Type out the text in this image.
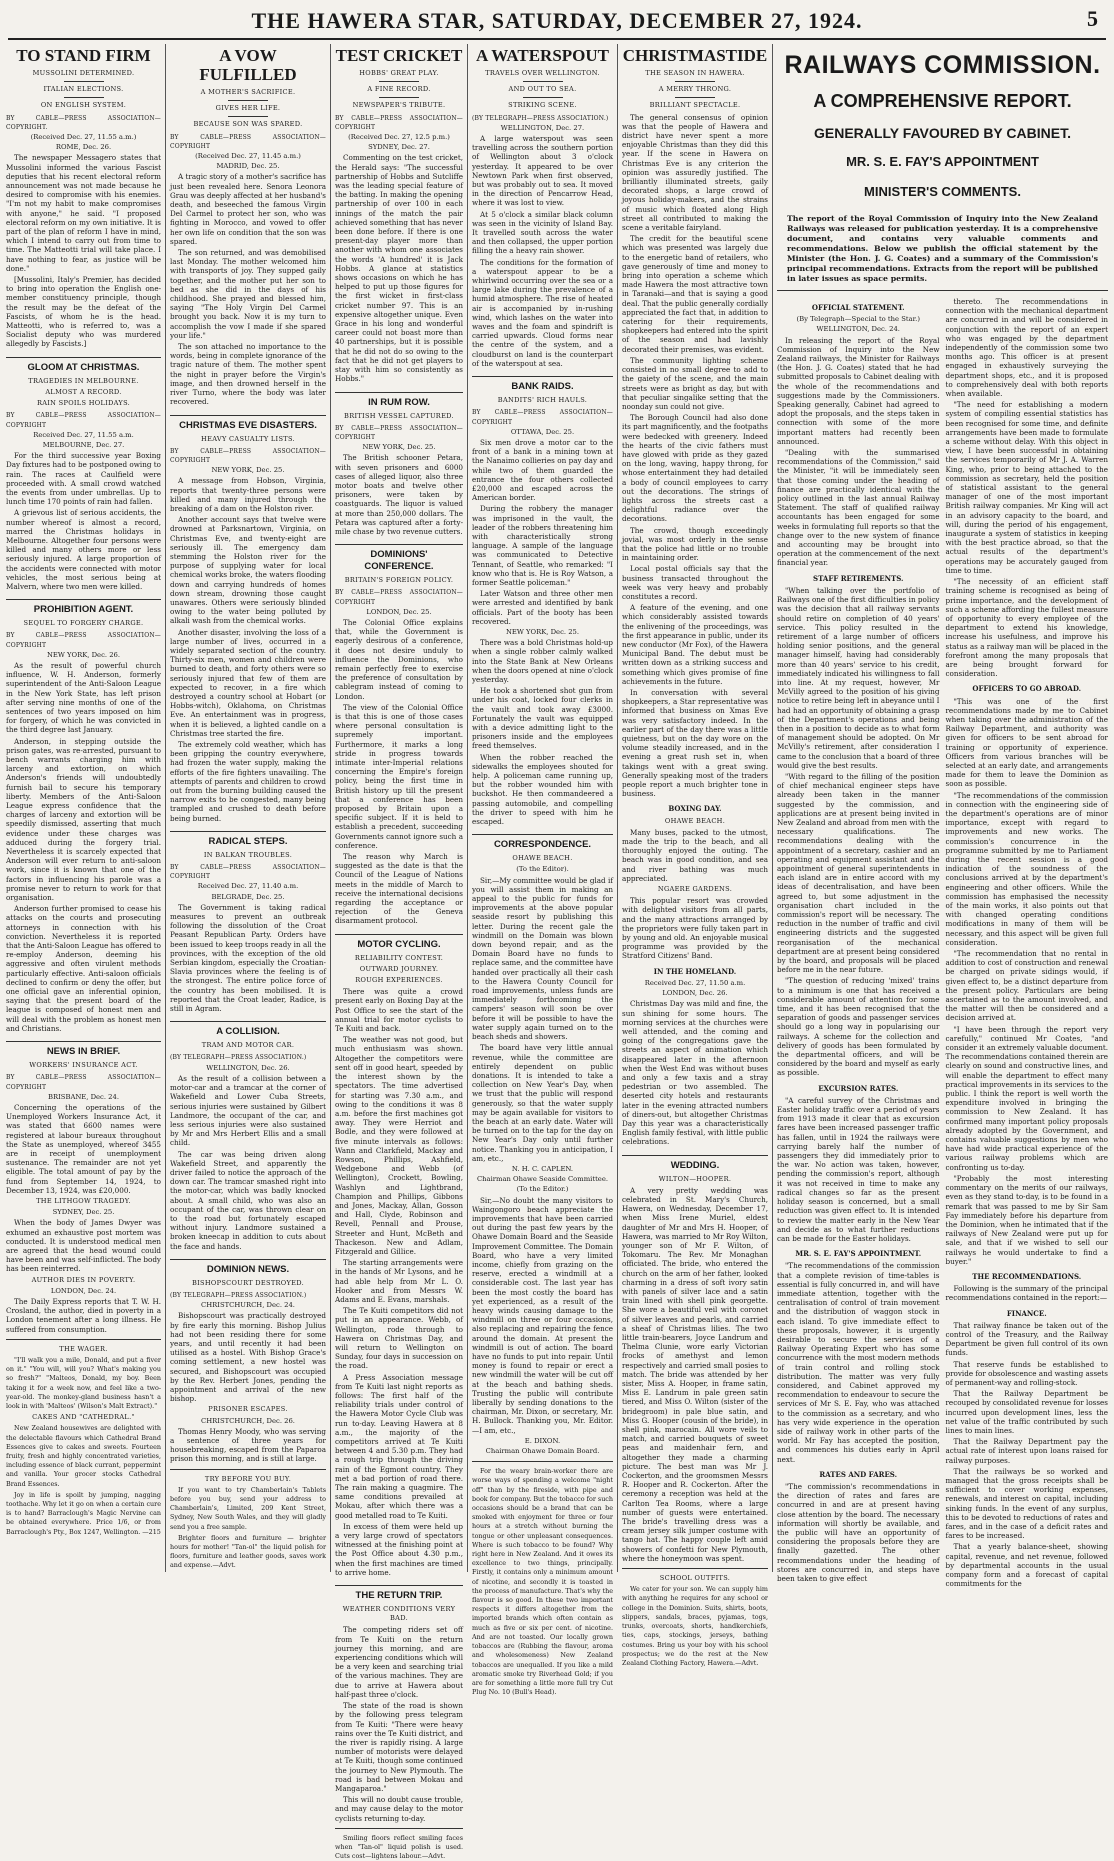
THE HAWERA STAR, SATURDAY, DECEMBER 27, 1924.	5
TO STAND FIRM
MUSSOLINI DETERMINED.
ITALIAN ELECTIONS.
ON ENGLISH SYSTEM.
BY CABLE—PRESS ASSOCIATION—COPYRIGHT.
(Received Dec. 27, 11.55 a.m.)
ROME, Dec. 26.

The newspaper Messagero states that Mussolini informed the various Fascist deputies that his recent electoral reform announcement was not made because he desired to compromise with his enemies. "I'm not my habit to make compromises with anyone," he said. "I proposed electoral reform on my own initiative. It is part of the plan of reform I have in mind, which I intend to carry out from time to time. The Matteotti trial will take place. I have nothing to fear, as justice will be done."

[Mussolini, Italy's Premier, has decided to bring into operation the English one-member constituency principle, though the result may be the defeat of the Fascists, of whom he is the head. Matteotti, who is referred to, was a Socialist deputy who was murdered allegedly by Fascists.]

GLOOM AT CHRISTMAS.
TRAGEDIES IN MELBOURNE.
ALMOST A RECORD.
RAIN SPOILS HOLIDAYS.
BY CABLE—PRESS ASSOCIATION—COPYRIGHT
Received Dec. 27, 11.55 a.m.
MELBOURNE, Dec. 27.

For the third successive year Boxing Day fixtures had to be postponed owing to rain. The races at Caulfield were proceeded with. A small crowd watched the events from under umbrellas. Up to lunch time 170 points of rain had fallen.

A grievous list of serious accidents, the number whereof is almost a record, marred the Christmas holidays in Melbourne. Altogether four persons were killed and many others more or less seriously injured. A large proportion of the accidents were connected with motor vehicles, the most serious being at Malvern, where two men were killed.

PROHIBITION AGENT.
SEQUEL TO FORGERY CHARGE.
BY CABLE—PRESS ASSOCIATION—COPYRIGHT
NEW YORK, Dec. 26.

As the result of powerful church influence, W. H. Anderson, formerly superintendent of the Anti-Saloon League in the New York State, has left prison after serving nine months of one of the sentences of two years imposed on him for forgery, of which he was convicted in the third degree last January.

Anderson, in stepping outside the prison gates, was re-arrested, pursuant to bench warrants charging him with larceny and extortion, on which Anderson's friends will undoubtedly furnish bail to secure his temporary liberty. Members of the Anti-Saloon League express confidence that the charges of larceny and extortion will be speedily dismissed, asserting that much evidence under these charges was adduced during the forgery trial. Nevertheless it is scarcely expected that Anderson will ever return to anti-saloon work, since it is known that one of the factors in influencing his parole was a promise never to return to work for that organisation.

Anderson further promised to cease his attacks on the courts and prosecuting attorneys in connection with his conviction. Nevertheless it is reported that the Anti-Saloon League has offered to re-employ Anderson, deeming his aggressive and often virulent methods particularly effective. Anti-saloon officials declined to confirm or deny the offer, but one official gave an inferential opinion, saying that the present board of the league is composed of honest men and will deal with the problem as honest men and Christians.

NEWS IN BRIEF.
WORKERS' INSURANCE ACT.
BY CABLE—PRESS ASSOCIATION—COPYRIGHT
BRISBANE, Dec. 24.

Concerning the operations of the Unemployed Workers Insurance Act, it was stated that 6600 names were registered at labour bureaux throughout the State as unemployed, whereof 3455 are in receipt of unemployment sustenance. The remainder are not yet eligible. The total amount of pay by the fund from September 14, 1924, to December 13, 1924, was £20,000.

THE LITHGOW TRAGEDY.
SYDNEY, Dec. 25.

When the body of James Dwyer was exhumed an exhaustive post mortem was conducted. It is understood medical men are agreed that the head wound could have been and was self-inflicted. The body has been reinterred.

AUTHOR DIES IN POVERTY.
LONDON, Dec. 24.

The Daily Express reports that T. W. H. Crosland, the author, died in poverty in a London tenement after a long illness. He suffered from consumption.

THE WAGER.

"I'll walk you a mile, Donald, and put a fiver on it." "You will, will you? What's making you so fresh?" "Malteos, Donald, my boy. Been taking it for a week now, and feel like a two-year-old. The monkey-gland business hasn't a look in with 'Malteos' (Wilson's Malt Extract)."

CAKES AND "CATHEDRAL."

New Zealand housewives are delighted with the delectable flavours which Cathedral Brand Essences give to cakes and sweets. Fourteen fruity, fresh and highly concentrated varieties, including essence of black currant, peppermint and vanilla. Your grocer stocks Cathedral Brand Essences.

Joy in life is spoilt by jumping, nagging toothache. Why let it go on when a certain cure is to hand? Barraclough's Magic Nervine can be obtained everywhere. Price 1/6, or from Barraclough's Pty., Box 1247, Wellington. —215

A VOW FULFILLED
A MOTHER'S SACRIFICE.
GIVES HER LIFE.
BECAUSE SON WAS SPARED.
BY CABLE—PRESS ASSOCIATION—COPYRIGHT
(Received Dec. 27, 11.45 a.m.)
MADRID, Dec. 25.

A tragic story of a mother's sacrifice has just been revealed here. Senora Leonora Grau was deeply affected at her husband's death, and beseeched the famous Virgin Del Carmel to protect her son, who was fighting in Morocco, and vowed to offer her own life on condition that the son was spared.

The son returned, and was demobilised last Monday. The mother welcomed him with transports of joy. They supped gaily together, and the mother put her son to bed as she did in the days of his childhood. She prayed and blessed him, saying "The Holy Virgin Del Carmel brought you back. Now it is my turn to accomplish the vow I made if she spared your life."

The son attached no importance to the words, being in complete ignorance of the tragic nature of them. The mother spent the night in prayer before the Virgin's image, and then drowned herself in the river Turno, where the body was later recovered.

CHRISTMAS EVE DISASTERS.
HEAVY CASUALTY LISTS.
BY CABLE—PRESS ASSOCIATION—COPYRIGHT
NEW YORK, Dec. 25.

A message from Hobson, Virginia, reports that twenty-three persons were killed and many injured through the breaking of a dam on the Holston river.

Another account says that twelve were drowned at Parksnartown, Virginia, on Christmas Eve, and twenty-eight are seriously ill. The emergency dam stemming the Holston river for the purpose of supplying water for local chemical works broke, the waters flooding down and carrying hundreds of homes down stream, drowning those caught unawares. Others were seriously blinded owing to the water being polluted by alkali wash from the chemical works.

Another disaster, involving the loss of a large number of lives, occurred in a widely separated section of the country. Thirty-six men, women and children were burned to death, and forty others were so seriously injured that few of them are expected to recover, in a fire which destroyed a country school at Hobart (or Hobbs-witch), Oklahoma, on Christmas Eve. An entertainment was in progress, when it is believed, a lighted candle on a Christmas tree started the fire.

The extremely cold weather, which has been gripping the country everywhere, had frozen the water supply, making the efforts of the fire fighters unavailing. The attempts of parents and children to crowd out from the burning building caused the narrow exits to be congested, many being trampled and crushed to death before being burned.

RADICAL STEPS.
IN BALKAN TROUBLES.
BY CABLE—PRESS ASSOCIATION—COPYRIGHT
Received Dec. 27, 11.40 a.m.
BELGRADE, Dec. 25.

The Government is taking radical measures to prevent an outbreak following the dissolution of the Croat Peasant Republican Party. Orders have been issued to keep troops ready in all the provinces, with the exception of the old Serbian kingdom, especially the Croatian-Slavia provinces where the feeling is of the strongest. The entire police force of the country has been mobilised. It is reported that the Croat leader, Radice, is still in Agram.

A COLLISION.
TRAM AND MOTOR CAR.
(BY TELEGRAPH—PRESS ASSOCIATION.)
WELLINGTON, Dec. 26.

As the result of a collision between a motor-car and a tramcar at the corner of Wakefield and Lower Cuba Streets, serious injuries were sustained by Gilbert Landmore, the occupant of the car, and less serious injuries were also sustained by Mr and Mrs Herbert Ellis and a small child.

The car was being driven along Wakefield Street, and apparently the driver failed to notice the approach of the down car. The tramcar smashed right into the motor-car, which was badly knocked about. A small child, who was also an occupant of the car, was thrown clear on to the road but fortunately escaped without injury. Landmore sustained a broken kneecap in addition to cuts about the face and hands.

DOMINION NEWS.
BISHOPSCOURT DESTROYED.
(BY TELEGRAPH—PRESS ASSOCIATION.)
CHRISTCHURCH, Dec. 24.

Bishopscourt was practically destroyed by fire early this morning. Bishop Julius had not been residing there for some years, and until recently it had been utilised as a hostel. With Bishop Grace's coming settlement, a new hostel was secured, and Bishopscourt was occupied by the Rev. Herbert Jones, pending the appointment and arrival of the new bishop.

PRISONER ESCAPES.
CHRISTCHURCH, Dec. 26.

Thomas Henry Moody, who was serving a sentence of three years for housebreaking, escaped from the Paparoa prison this morning, and is still at large.

TRY BEFORE YOU BUY.

If you want to try Chamberlain's Tablets before you buy, send your address to Chamberlain's, Limited, 209 Kent Street, Sydney, New South Wales, and they will gladly send you a free sample.

Brighter floors and furniture — brighter hours for mother! "Tan-ol" the liquid polish for floors, furniture and leather goods, saves work and expense.—Advt.

TEST CRICKET
HOBBS' GREAT PLAY.
A FINE RECORD.
NEWSPAPER'S TRIBUTE.
BY CABLE—PRESS ASSOCIATION—COPYRIGHT
(Received Dec. 27, 12.5 p.m.)
SYDNEY, Dec. 27.

Commenting on the test cricket, the Herald says: "The successful partnership of Hobbs and Sutcliffe was the leading special feature of the batting. In making the opening partnership of over 100 in each innings of the match the pair achieved something that has never been done before. If there is one present-day player more than another with whom one associates the words 'A hundred' it is Jack Hobbs. A glance at statistics shows occasions on which he has helped to put up those figures for the first wicket in first-class cricket number 97. This is an expensive altogether unique. Even Grace in his long and wonderful career could not boast more than 40 partnerships, but it is possible that he did not do so owing to the fact that he did not get players to stay with him so consistently as Hobbs."

IN RUM ROW.
BRITISH VESSEL CAPTURED.
BY CABLE—PRESS ASSOCIATION—COPYRIGHT
NEW YORK, Dec. 25.

The British schooner Petara, with seven prisoners and 6000 cases of alleged liquor, also three motor boats and twelve other prisoners, were taken by coastguards. The liquor is valued at more than 250,000 dollars. The Petara was captured after a forty-mile chase by two revenue cutters.

DOMINIONS' CONFERENCE.
BRITAIN'S FOREIGN POLICY.
BY CABLE—PRESS ASSOCIATION—COPYRIGHT
LONDON, Dec. 25.

The Colonial Office explains that, while the Government is eagerly desirous of a conference, it does not desire unduly to influence the Dominions, who remain perfectly free to exercise the preference of consultation by cablegram instead of coming to London.

The view of the Colonial Office is that this is one of those cases where personal consultation is supremely important. Furthermore, it marks a long stride in progress towards intimate inter-Imperial relations concerning the Empire's foreign policy, being the first time in British history up till the present that a conference has been proposed by Britain upon a specific subject. If it is held to establish a precedent, succeeding Governments cannot ignore such a conference.

The reason why March is suggested as the date is that the Council of the League of Nations meets in the middle of March to receive the international decisions regarding the acceptance or rejection of the Geneva disarmament protocol.

MOTOR CYCLING.
RELIABILITY CONTEST.
OUTWARD JOURNEY.
ROUGH EXPERIENCES.

There was quite a crowd present early on Boxing Day at the Post Office to see the start of the annual trial for motor cyclists to Te Kuiti and back.

The weather was not good, but much enthusiasm was shown. Altogether the competitors were sent off in good heart, speeded by the interest shown by the spectators. The time advertised for starting was 7.30 a.m., and owing to the conditions it was 8 a.m. before the first machines got away. They were Herriot and Bodle, and they were followed at five minute intervals as follows: Wann and Clarkfield, Mackay and Rowson, Phillips, Ashfield, Wedgebone and Webb (of Wellington), Crockett, Bowling, Washlyn and Lightbrand, Champion and Phillips, Gibbons and Jones, Mackay, Allan, Gosson and Hall, Clyde, Robinson and Revell, Pennall and Prouse, Streeter and Hunt, McBeth and Thackeson. New and Adlam, Fitzgerald and Gillice.

The starting arrangements were in the hands of Mr Lysons, and he had able help from Mr L. O. Hooker and from Messrs W. Adams and E. Evans, marshals.

The Te Kuiti competitors did not put in an appearance. Webb, of Wellington, rode through to Hawera on Christmas Day, and will return to Wellington on Sunday, four days in succession on the road.

A Press Association message from Te Kuiti last night reports as follows: The first half of the reliability trials under control of the Hawera Motor Cycle Club was run to-day. Leaving Hawera at 8 a.m., the majority of the competitors arrived at Te Kuiti between 4 and 5.30 p.m. They had a rough trip through the driving rain of the Egmont country. They met a bad portion of road there. The rain making a quagmire. The same conditions prevailed at Mokau, after which there was a good metalled road to Te Kuiti.

In excess of them were held up a very large crowd of spectators witnessed at the finishing point at the Post Office about 4.30 p.m., when the first machines are timed to arrive home.

THE RETURN TRIP.
WEATHER CONDITIONS VERY BAD.

The competing riders set off from Te Kuiti on the return journey this morning, and are experiencing conditions which will be a very keen and searching trial of the various machines. They are due to arrive at Hawera about half-past three o'clock.

The state of the road is shown by the following press telegram from Te Kuiti: "There were heavy rains over the Te Kuiti district, and the river is rapidly rising. A large number of motorists were delayed at Te Kuiti, though some continued the journey to New Plymouth. The road is bad between Mokau and Mangaparoa."

This will no doubt cause trouble, and may cause delay to the motor cyclists returning to-day.

Smiling floors reflect smiling faces when "Tan-ol" liquid polish is used. Cuts cost—lightens labour.—Advt.

A WATERSPOUT
TRAVELS OVER WELLINGTON.
AND OUT TO SEA.
STRIKING SCENE.
(BY TELEGRAPH—PRESS ASSOCIATION.)
WELLINGTON, Dec. 27.

A large waterspout was seen travelling across the southern portion of Wellington about 3 o'clock yesterday. It appeared to be over Newtown Park when first observed, but was probably out to sea. It moved in the direction of Pencarrow Head, where it was lost to view.

At 5 o'clock a similar black column was seen in the vicinity of Island Bay. It travelled south across the water and then collapsed, the upper portion filling the a heavy rain shower.

The conditions for the formation of a waterspout appear to be a whirlwind occurring over the sea or a large lake during the prevalence of a humid atmosphere. The rise of heated air is accompanied by in-rushing wind, which lashes on the water into waves and the foam and spindrift is carried upwards. Cloud forms near the centre of the system, and a cloudburst on land is the counterpart of the waterspout at sea.

BANK RAIDS.
BANDITS' RICH HAULS.
BY CABLE—PRESS ASSOCIATION—COPYRIGHT
OTTAWA, Dec. 25.

Six men drove a motor car to the front of a bank in a mining town at the Nanaimo collieries on pay day and while two of them guarded the entrance the four others collected £20,000 and escaped across the American border.

During the robbery the manager was imprisoned in the vault, the leader of the robbers threatening him with characteristically strong language. A sample of the language was communicated to Detective Tennant, of Seattle, who remarked: "I know who that is. He is Roy Watson, a former Seattle policeman."

Later Watson and three other men were arrested and identified by bank officials. Part of the booty has been recovered.

NEW YORK, Dec. 25.

There was a bold Christmas hold-up when a single robber calmly walked into the State Bank at New Orleans when the doors opened at nine o'clock yesterday.

He took a shortened shot gun from under his coat, locked four clerks in the vault and took away £3000. Fortunately the vault was equipped with a device admitting light to the prisoners inside and the employees freed themselves.

When the robber reached the sidewalks the employees shouted for help. A policeman came running up, but the robber wounded him with buckshot. He then commandeered a passing automobile, and compelling the driver to speed with him he escaped.

CORRESPONDENCE.
OHAWE BEACH.
(To the Editor).

Sir,—My committee would be glad if you will assist them in making an appeal to the public for funds for improvements at the above popular seaside resort by publishing this letter. During the recent gale the windmill on the Domain was blown down beyond repair, and as the Domain Board have no funds to replace same, and the committee have handed over practically all their cash to the Hawera County Council for road improvements, unless funds are immediately forthcoming the campers' season will soon be over before it will be possible to have the water supply again turned on to the beach sheds and showers.

The board have very little annual revenue, while the committee are entirely dependent on public donations. It is intended to take a collection on New Year's Day, when we trust that the public will respond generously, so that the water supply may be again available for visitors to the beach at an early date. Water will be turned on to the tap for the day on New Year's Day only until further notice. Thanking you in anticipation, I am, etc.,

N. H. C. CAPLEN.
Chairman Ohawe Seaside Committee.
(To the Editor.)

Sir,—No doubt the many visitors to Waingongoro beach appreciate the improvements that have been carried out during the past few years by the Ohawe Domain Board and the Seaside Improvement Committee. The Domain Board, who have a very limited income, chiefly from grazing on the reserve, erected a windmill at a considerable cost. The last year has been the most costly the board has yet experienced, as a result of the heavy winds causing damage to the windmill on three or four occasions, also replacing and repairing the fence around the domain. At present the windmill is out of action. The board have no funds to put into repair. Until money is found to repair or erect a new windmill the water will be cut off at the beach and bathing sheds. Trusting the public will contribute liberally by sending donations to the chairman, Mr. Dixon, or secretary, Mr. H. Bullock. Thanking you, Mr. Editor.—I am, etc.,

E. DIXON.
Chairman Ohawe Domain Board.

For the weary brain-worker there are worse ways of spending a welcome "night off" than by the fireside, with pipe and book for company. But the tobacco for such occasions should be a brand that can be smoked with enjoyment for three or four hours at a stretch without burning the tongue or other unpleasant consequences. Where is such tobacco to be found? Why right here in New Zealand. And it owes its excellence to two things, principally. Firstly, it contains only a minimum amount of nicotine, and secondly it is toasted in the process of manufacture. That's why the flavour is so good. In these two important respects it differs altogether from the imported brands which often contain as much as five or six per cent. of nicotine. And are not toasted. Our locally grown tobaccos are (Rubbing the flavour, aroma and wholesomeness) New Zealand tobaccos are unequalled. If you like a mild aromatic smoke try Riverhead Gold; if you are for something a little more full try Cut Plug No. 10 (Bull's Head).

CHRISTMASTIDE
THE SEASON IN HAWERA.
A MERRY THRONG.
BRILLIANT SPECTACLE.

The general consensus of opinion was that the people of Hawera and district have never spent a more enjoyable Christmas than they did this year. If the scene in Hawera on Christmas Eve is any criterion the opinion was assuredly justified. The brilliantly illuminated streets, gaily decorated shops, a large crowd of joyous holiday-makers, and the strains of music which floated along High street all contributed to making the scene a veritable fairyland.

The credit for the beautiful scene which was presented was largely due to the energetic band of retailers, who gave generously of time and money to bring into operation a scheme which made Hawera the most attractive town in Taranaki—and that is saying a good deal. That the public generally cordially appreciated the fact that, in addition to catering for their requirements, shopkeepers had entered into the spirit of the season and had lavishly decorated their premises, was evident.

The community lighting scheme consisted in no small degree to add to the gaiety of the scene, and the main streets were as bright as day, but with that peculiar singalike setting that the noonday sun could not give.

The Borough Council had also done its part magnificently, and the footpaths were bedecked with greenery. Indeed the hearts of the civic fathers must have glowed with pride as they gazed on the long, waving, happy throng, for whose entertainment they had detailed a body of council employees to carry out the decorations. The strings of lights across the streets cast a delightful radiance over the decorations.

The crowd, though exceedingly jovial, was most orderly in the sense that the police had little or no trouble in maintaining order.

Local postal officials say that the business transacted throughout the week was very heavy and probably constitutes a record.

A feature of the evening, and one which considerably assisted towards the enlivening of the proceedings, was the first appearance in public, under its new conductor (Mr Fox), of the Hawera Municipal Band. The debut must be written down as a striking success and something which gives promise of fine achievements in the future.

In conversation with several shopkeepers, a Star representative was informed that business on Xmas Eve was very satisfactory indeed. In the earlier part of the day there was a little quietness, but on the day wore on the volume steadily increased, and in the evening a great rush set in, when takings went with a great swing. Generally speaking most of the traders people report a much brighter tone in business.

BOXING DAY.
OHAWE BEACH.

Many buses, packed to the utmost, made the trip to the beach, and all thoroughly enjoyed the outing. The beach was in good condition, and sea and river bathing was much appreciated.

NGAERE GARDENS.

This popular resort was crowded with delighted visitors from all parts, and the many attractions arranged by the proprietors were fully taken part in by young and old. An enjoyable musical programme was provided by the Stratford Citizens' Band.

IN THE HOMELAND.
Received Dec. 27, 11.50 a.m.
LONDON, Dec. 26.

Christmas Day was mild and fine, the sun shining for some hours. The morning services at the churches were well attended, and the coming and going of the congregations gave the streets an aspect of animation which disappeared later in the afternoon when the West End was without buses and only a few taxis and a stray pedestrian or two assembled. The deserted city hotels and restaurants later in the evening attracted numbers of diners-out, but altogether Christmas Day this year was a characteristically English family festival, with little public celebrations.

WEDDING.
WILTON—HOOPER.

A very pretty wedding was celebrated in St. Mary's Church, Hawera, on Wednesday, December 17, when Miss Irene Muriel, eldest daughter of Mr and Mrs H. Hooper, of Hawera, was married to Mr Roy Wilton, younger son of Mr F. Wilton, of Tokomaru. The Rev. Mr Monaghan officiated. The bride, who entered the church on the arm of her father, looked charming in a dress of soft ivory satin with panels of silver lace and a satin train lined with shell pink georgette. She wore a beautiful veil with coronet of silver leaves and pearls, and carried a sheaf of Christmas lilies. The two little train-bearers, Joyce Landrum and Thelma Clunie, wore early Victorian frocks of amethyst and lemon respectively and carried small posies to match. The bride was attended by her sister, Miss A. Hooper, in frame satin, Miss E. Landrum in pale green satin tiered, and Miss O. Wilton (sister of the bridegroom) in pale blue satin, and Miss G. Hooper (cousin of the bride), in shell pink, marocain. All wore veils to match, and carried bouquets of sweet peas and maidenhair fern, and altogether they made a charming picture. The best man was Mr J. Cockerton, and the groomsmen Messrs R. Hooper and R. Cockerton. After the ceremony a reception was held at the Carlton Tea Rooms, where a large number of guests were entertained. The bride's travelling dress was a cream jersey silk jumper costume with tango hat. The happy couple left amid showers of confetti for New Plymouth, where the honeymoon was spent.

SCHOOL OUTFITS.

We cater for your son. We can supply him with anything he requires for any school or college in the Dominion. Suits, shirts, boots, slippers, sandals, braces, pyjamas, togs, trunks, overcoats, shorts, handkerchiefs, ties, caps, stockings, jerseys, bathing costumes. Bring us your boy with his school prospectus; we do the rest at the New Zealand Clothing Factory, Hawera.—Advt.

RAILWAYS COMMISSION.
A COMPREHENSIVE REPORT.
GENERALLY FAVOURED BY CABINET.
MR. S. E. FAY'S APPOINTMENT
MINISTER'S COMMENTS.
The report of the Royal Commission of Inquiry into the New Zealand Railways was released for publication yesterday. It is a comprehensive document, and contains very valuable comments and recommendations. Below we publish the official statement by the Minister (the Hon. J. G. Coates) and a summary of the Commission's principal recommendations. Extracts from the report will be published in later issues as space permits.
OFFICIAL STATEMENT.
(By Telegraph—Special to the Star.)
WELLINGTON, Dec. 24.

In releasing the report of the Royal Commission of Inquiry into the New Zealand railways, the Minister for Railways (the Hon. J. G. Coates) stated that he had submitted proposals to Cabinet dealing with the whole of the recommendations and suggestions made by the Commissioners. Speaking generally, Cabinet had agreed to adopt the proposals, and the steps taken in connection with some of the more important matters had recently been announced.

"Dealing with the summarised recommendations of the Commission," said the Minister, "it will be immediately seen that those coming under the heading of finance are practically identical with the policy outlined in the last annual Railway Statement. The staff of qualified railway accountants has been engaged for some weeks in formulating full reports so that the change over to the new system of finance and accounting may be brought into operation at the commencement of the next financial year.

STAFF RETIREMENTS.

"When talking over the portfolio of Railways one of the first difficulties in policy was the decision that all railway servants should retire on completion of 40 years' service. This policy resulted in the retirement of a large number of officers holding senior positions, and the general manager himself, having had considerably more than 40 years' service to his credit, immediately indicated his willingness to fall into line. At my request, however, Mr McVilly agreed to the position of his giving notice to retire being left in abeyance until I had had an opportunity of obtaining a grasp of the Department's operations and being then in a position to decide as to what form of management should be adopted. On Mr McVilly's retirement, after consideration I came to the conclusion that a board of three would give the best results.

"With regard to the filling of the position of chief mechanical engineer steps have already been taken in the manner suggested by the commission, and applications are at present being invited in New Zealand and abroad from men with the necessary qualifications. The recommendations dealing with the appointment of a secretary, cashier and an operating and equipment assistant and the appointment of general superintendents in each island are in entire accord with my ideas of decentralisation, and have been agreed to, but some adjustment in the organisation chart included in the commission's report will be necessary. The reduction in the number of traffic and civil engineering districts and the suggested reorganisation of the mechanical department are at present being considered by the board, and proposals will be placed before me in the near future.

"The question of reducing 'mixed' trains to a minimum is one that has received a considerable amount of attention for some time, and it has been recognised that the separation of goods and passenger services should go a long way in popularising our railways. A scheme for the collection and delivery of goods has been formulated by the departmental officers, and will be considered by the board and myself as early as possible.

EXCURSION RATES.

"A careful survey of the Christmas and Easter holiday traffic over a period of years from 1913 made it clear that as excursion fares have been increased passenger traffic has fallen, until in 1924 the railways were carrying barely half the number of passengers they did immediately prior to the war. No action was taken, however, pending the commission's report, although it was not received in time to make any radical changes so far as the present holiday season is concerned, but a small reduction was given effect to. It is intended to review the matter early in the New Year and decide as to what further reductions can be made for the Easter holidays.

MR. S. E. FAY'S APPOINTMENT.

"The recommendations of the commission that a complete revision of time-tables is essential is fully concurred in, and will have immediate attention, together with the centralisation of control of train movement and the distribution of waggon stock in each island. To give immediate effect to these proposals, however, it is urgently desirable to secure the services of a Railway Operating Expert who has some concurrence with the most modern methods of train control and rolling stock distribution. The matter was very fully considered, and Cabinet approved my recommendation to endeavour to secure the services of Mr S. E. Fay, who was attached to the commission as a secretary, and who has very wide experience in the operation side of railway work in other parts of the world. Mr Fay has accepted the position, and commences his duties early in April next.

RATES AND FARES.

"The commission's recommendations in the direction of rates and fares are concurred in and are at present having close attention by the board. The necessary information will shortly be available, and the public will have an opportunity of considering the proposals before they are finally gazetted. The other recommendations under the heading of stores are concurred in, and steps have been taken to give effect

thereto. The recommendations in connection with the mechanical department are concurred in and will be considered in conjunction with the report of an expert who was engaged by the department independently of the commission some two months ago. This officer is at present engaged in exhaustively surveying the department shops, etc., and it is proposed to comprehensively deal with both reports when available.

"The need for establishing a modern system of compiling essential statistics has been recognised for some time, and definite arrangements have been made to formulate a scheme without delay. With this object in view, I have been successful in obtaining the services temporarily of Mr J. A. Warren King, who, prior to being attached to the commission as secretary, held the position of statistical assistant to the general manager of one of the most important British railway companies. Mr King will act in an advisory capacity to the board, and will, during the period of his engagement, inaugurate a system of statistics in keeping with the best practice abroad, so that the actual results of the department's operations may be accurately gauged from time to time.

"The necessity of an efficient staff training scheme is recognised as being of prime importance, and the development of such a scheme affording the fullest measure of opportunity to every employee of the department to extend his knowledge, increase his usefulness, and improve his status as a railway man will be placed in the forefront among the many proposals that are being brought forward for consideration.

OFFICERS TO GO ABROAD.

"This was one of the first recommendations made by me to Cabinet when taking over the administration of the Railway Department, and authority was given for officers to be sent abroad for training or opportunity of experience. Officers from various branches will be selected at an early date, and arrangements made for them to leave the Dominion as soon as possible.

"The recommendations of the commission in connection with the engineering side of the department's operations are of minor importance, except with regard to improvements and new works. The commission's concurrence in the programme submitted by me to Parliament during the recent session is a good indication of the soundness of the conclusions arrived at by the department's engineering and other officers. While the commission has emphasised the necessity of the main works, it also points out that with changed operating conditions modifications in many of them will be necessary, and this aspect will be given full consideration.

"The recommendation that no rental in addition to cost of construction and renewal be charged on private sidings would, if given effect to, be a distinct departure from the present policy. Particulars are being ascertained as to the amount involved, and the matter will then be considered and a decision arrived at.

"I have been through the report very carefully," continued Mr Coates, "and consider it an extremely valuable document. The recommendations contained therein are clearly on sound and constructive lines, and will enable the department to effect many practical improvements in its services to the public. I think the report is well worth the expenditure involved in bringing the commission to New Zealand. It has confirmed many important policy proposals already adopted by the Government, and contains valuable suggestions by men who have had wide practical experience of the various railway problems which are confronting us to-day.

"Probably the most interesting commentary on the merits of our railways, even as they stand to-day, is to be found in a remark that was passed to me by Sir Sam Fay immediately before his departure from the Dominion, when he intimated that if the railways of New Zealand were put up for sale, and that if we wished to sell our railways he would undertake to find a buyer."

THE RECOMMENDATIONS.

Following is the summary of the principal recommendations contained in the report:—

FINANCE.

That railway finance be taken out of the control of the Treasury, and the Railway Department be given full control of its own funds.

That reserve funds be established to provide for obsolescence and wasting assets of permanent-way and rolling-stock.

That the Railway Department be recouped by consolidated revenue for losses incurred upon development lines, less the net value of the traffic contributed by such lines to main lines.

That the Railway Department pay the actual rate of interest upon loans raised for railway purposes.

That the railways be so worked and managed that the gross receipts shall be sufficient to cover working expenses, renewals, and interest on capital, including sinking funds. In the event of any surplus, this to be devoted to reductions of rates and fares, and in the case of a deficit rates and fares to be increased.

That a yearly balance-sheet, showing capital, revenue, and net revenue, followed by departmental accounts in the usual company form and a forecast of capital commitments for the
